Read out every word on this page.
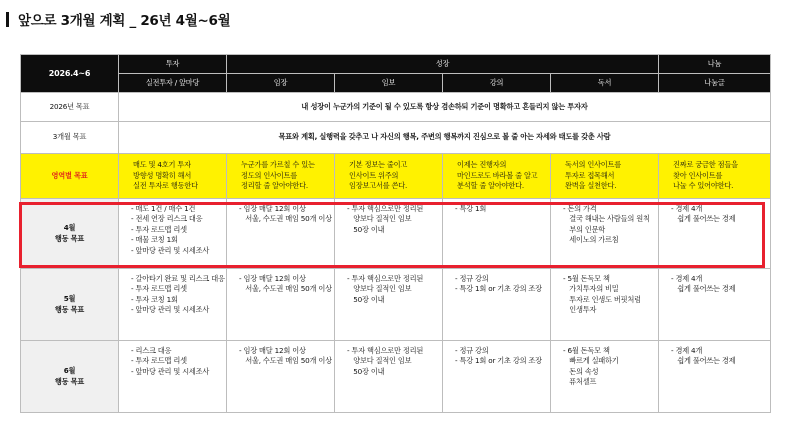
앞으로 3개월 계획 _ 26년 4월~6월
2026.4~6	투자	성장				나눔
	실전투자 / 앞마당	임장	임보	강의	독서	나눔글
2026년 목표	내 성장이 누군가의 기준이 될 수 있도록 항상 겸손하되 기준이 명확하고 흔들리지 않는 투자자					
3개월 목표	목표와 계획, 실행력을 갖추고 나 자신의 행복, 주변의 행복까지 진심으로 볼 줄 아는 자세와 태도를 갖춘 사람					
영역별 목표	매도 및 4호기 투자
방향성 명확히 해서
실전 투자로 행동한다	누군가를 가르칠 수 있는
정도의 인사이트를
정리할 줄 알아야한다.	기본 정보는 줄이고
인사이트 위주의
임장보고서를 쓴다.	이제는 진행자의
마인드로도 바라볼 줄 알고
분석할 줄 알아야한다.	독서의 인사이트를
투자로 접목해서
완벽을 실천한다.	진짜로 궁금한 점들을
찾아 인사이트를
나눌 수 있어야한다.

4월
행동 목표	- 매도 1건 / 매수 1건
- 전세 연장 리스크 대응
- 투자 로드맵 리셋
- 매물 코칭 1회
- 앞마당 관리 및 시세조사	- 임장 매달 12회 이상
서울, 수도권 매임 50개 이상	- 투자 핵심으로만 정리된
양보다 질적인 임보
50장 이내	- 특강 1회	- 돈의 가격
결국 해내는 사람들의 원칙
부의 인문학
세이노의 가르침	- 경제 4개
쉽게 풀어쓰는 경제

5월
행동 목표	- 갈아타기 완료 및 리스크 대응
- 투자 로드맵 리셋
- 투자 코칭 1회
- 앞마당 관리 및 시세조사	- 임장 매달 12회 이상
서울, 수도권 매임 50개 이상	- 투자 핵심으로만 정리된
양보다 질적인 임보
50장 이내	- 정규 강의
- 특강 1회 or 기초 강의 조장	- 5월 돈독모 책
가치투자의 비밀
투자로 인생도 버핏처럼
인생투자	- 경제 4개
쉽게 풀어쓰는 경제

6월
행동 목표	- 리스크 대응
- 투자 로드맵 리셋
- 앞마당 관리 및 시세조사	- 임장 매달 12회 이상
서울, 수도권 매임 50개 이상	- 투자 핵심으로만 정리된
양보다 질적인 임보
50장 이내	- 정규 강의
- 특강 1회 or 기초 강의 조장	- 6월 돈독모 책
빠르게 실패하기
돈의 속성
퓨처셀프	- 경제 4개
쉽게 풀어쓰는 경제
